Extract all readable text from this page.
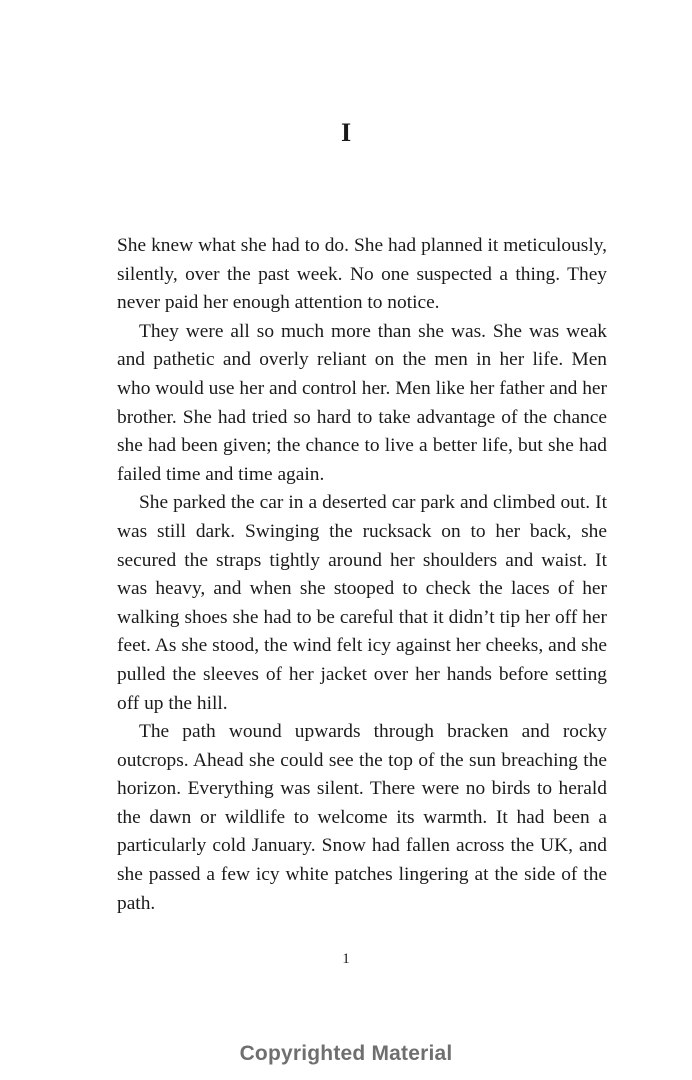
I

She knew what she had to do. She had planned it meticulously, silently, over the past week. No one suspected a thing. They never paid her enough attention to notice.

They were all so much more than she was. She was weak and pathetic and overly reliant on the men in her life. Men who would use her and control her. Men like her father and her brother. She had tried so hard to take advantage of the chance she had been given; the chance to live a better life, but she had failed time and time again.

She parked the car in a deserted car park and climbed out. It was still dark. Swinging the rucksack on to her back, she secured the straps tightly around her shoulders and waist. It was heavy, and when she stooped to check the laces of her walking shoes she had to be careful that it didn’t tip her off her feet. As she stood, the wind felt icy against her cheeks, and she pulled the sleeves of her jacket over her hands before setting off up the hill.

The path wound upwards through bracken and rocky outcrops. Ahead she could see the top of the sun breaching the horizon. Everything was silent. There were no birds to herald the dawn or wildlife to welcome its warmth. It had been a particularly cold January. Snow had fallen across the UK, and she passed a few icy white patches lingering at the side of the path.

1
Copyrighted Material
